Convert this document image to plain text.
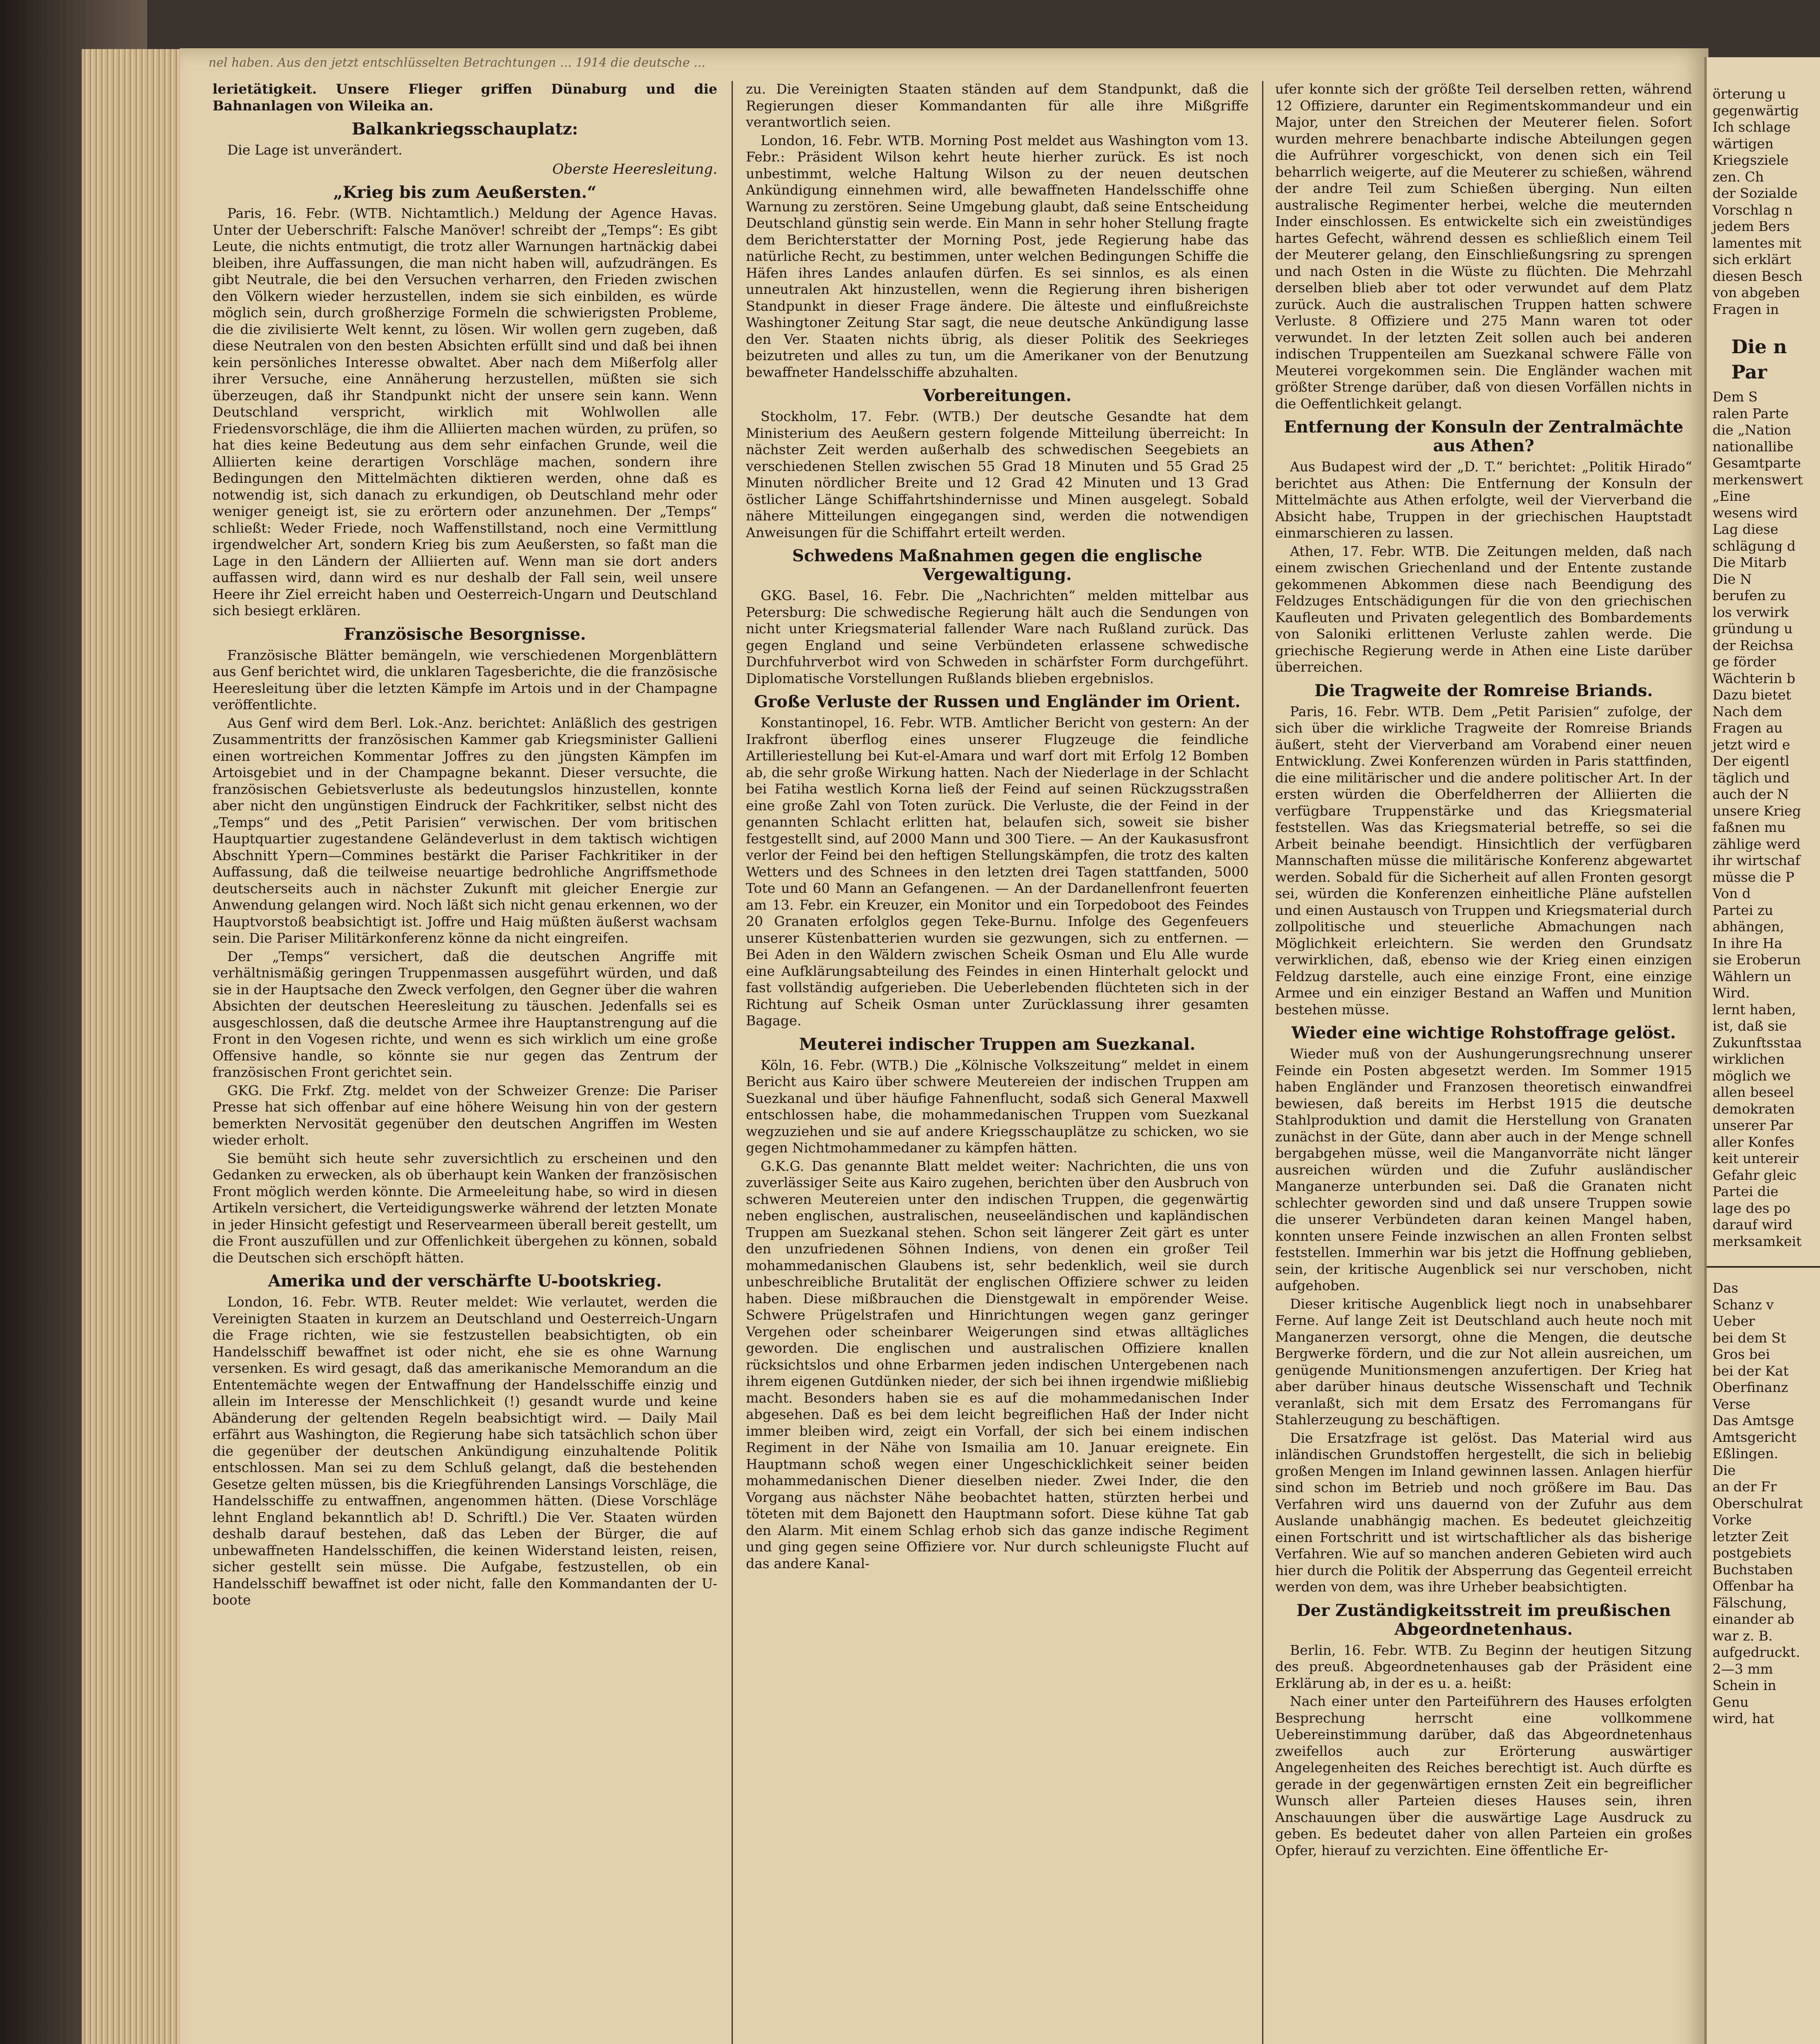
nel haben. Aus den jetzt entschlüsselten Betrachtungen ... 1914 die deutsche ...

lerietätigkeit. Unsere Flieger griffen Dünaburg und die Bahnanlagen von Wileika an.

Balkankriegsschauplatz:

Die Lage ist unverändert.

Oberste Heeresleitung.
„Krieg bis zum Aeußersten.“

Paris, 16. Febr. (WTB. Nichtamtlich.) Meldung der Agence Havas. Unter der Ueberschrift: Falsche Manöver! schreibt der „Temps“: Es gibt Leute, die nichts entmutigt, die trotz aller Warnungen hartnäckig dabei bleiben, ihre Auffassungen, die man nicht haben will, aufzudrängen. Es gibt Neutrale, die bei den Versuchen verharren, den Frieden zwischen den Völkern wieder herzustellen, indem sie sich einbilden, es würde möglich sein, durch großherzige Formeln die schwierigsten Probleme, die die zivilisierte Welt kennt, zu lösen. Wir wollen gern zugeben, daß diese Neutralen von den besten Absichten erfüllt sind und daß bei ihnen kein persönliches Interesse obwaltet. Aber nach dem Mißerfolg aller ihrer Versuche, eine Annäherung herzustellen, müßten sie sich überzeugen, daß ihr Standpunkt nicht der unsere sein kann. Wenn Deutschland verspricht, wirklich mit Wohlwollen alle Friedensvorschläge, die ihm die Alliierten machen würden, zu prüfen, so hat dies keine Bedeutung aus dem sehr einfachen Grunde, weil die Alliierten keine derartigen Vorschläge machen, sondern ihre Bedingungen den Mittelmächten diktieren werden, ohne daß es notwendig ist, sich danach zu erkundigen, ob Deutschland mehr oder weniger geneigt ist, sie zu erörtern oder anzunehmen. Der „Temps“ schließt: Weder Friede, noch Waffenstillstand, noch eine Vermittlung irgendwelcher Art, sondern Krieg bis zum Aeußersten, so faßt man die Lage in den Ländern der Alliierten auf. Wenn man sie dort anders auffassen wird, dann wird es nur deshalb der Fall sein, weil unsere Heere ihr Ziel erreicht haben und Oesterreich-Ungarn und Deutschland sich besiegt erklären.

Französische Besorgnisse.

Französische Blätter bemängeln, wie verschiedenen Morgenblättern aus Genf berichtet wird, die unklaren Tagesberichte, die die französische Heeresleitung über die letzten Kämpfe im Artois und in der Champagne veröffentlichte.

Aus Genf wird dem Berl. Lok.-Anz. berichtet: Anläßlich des gestrigen Zusammentritts der französischen Kammer gab Kriegsminister Gallieni einen wortreichen Kommentar Joffres zu den jüngsten Kämpfen im Artoisgebiet und in der Champagne bekannt. Dieser versuchte, die französischen Gebietsverluste als bedeutungslos hinzustellen, konnte aber nicht den ungünstigen Eindruck der Fachkritiker, selbst nicht des „Temps“ und des „Petit Parisien“ verwischen. Der vom britischen Hauptquartier zugestandene Geländeverlust in dem taktisch wichtigen Abschnitt Ypern—Commines bestärkt die Pariser Fachkritiker in der Auffassung, daß die teilweise neuartige bedrohliche Angriffsmethode deutscherseits auch in nächster Zukunft mit gleicher Energie zur Anwendung gelangen wird. Noch läßt sich nicht genau erkennen, wo der Hauptvorstoß beabsichtigt ist. Joffre und Haig müßten äußerst wachsam sein. Die Pariser Militärkonferenz könne da nicht eingreifen.

Der „Temps“ versichert, daß die deutschen Angriffe mit verhältnismäßig geringen Truppenmassen ausgeführt würden, und daß sie in der Hauptsache den Zweck verfolgen, den Gegner über die wahren Absichten der deutschen Heeresleitung zu täuschen. Jedenfalls sei es ausgeschlossen, daß die deutsche Armee ihre Hauptanstrengung auf die Front in den Vogesen richte, und wenn es sich wirklich um eine große Offensive handle, so könnte sie nur gegen das Zentrum der französischen Front gerichtet sein.

GKG. Die Frkf. Ztg. meldet von der Schweizer Grenze: Die Pariser Presse hat sich offenbar auf eine höhere Weisung hin von der gestern bemerkten Nervosität gegenüber den deutschen Angriffen im Westen wieder erholt.

Sie bemüht sich heute sehr zuversichtlich zu erscheinen und den Gedanken zu erwecken, als ob überhaupt kein Wanken der französischen Front möglich werden könnte. Die Armeeleitung habe, so wird in diesen Artikeln versichert, die Verteidigungswerke während der letzten Monate in jeder Hinsicht gefestigt und Reservearmeen überall bereit gestellt, um die Front auszufüllen und zur Offenlichkeit übergehen zu können, sobald die Deutschen sich erschöpft hätten.

Amerika und der verschärfte U-bootskrieg.

London, 16. Febr. WTB. Reuter meldet: Wie verlautet, werden die Vereinigten Staaten in kurzem an Deutschland und Oesterreich-Ungarn die Frage richten, wie sie festzustellen beabsichtigten, ob ein Handelsschiff bewaffnet ist oder nicht, ehe sie es ohne Warnung versenken. Es wird gesagt, daß das amerikanische Memorandum an die Ententemächte wegen der Entwaffnung der Handelsschiffe einzig und allein im Interesse der Menschlichkeit (!) gesandt wurde und keine Abänderung der geltenden Regeln beabsichtigt wird. — Daily Mail erfährt aus Washington, die Regierung habe sich tatsächlich schon über die gegenüber der deutschen Ankündigung einzuhaltende Politik entschlossen. Man sei zu dem Schluß gelangt, daß die bestehenden Gesetze gelten müssen, bis die Kriegführenden Lansings Vorschläge, die Handelsschiffe zu entwaffnen, angenommen hätten. (Diese Vorschläge lehnt England bekanntlich ab! D. Schriftl.) Die Ver. Staaten würden deshalb darauf bestehen, daß das Leben der Bürger, die auf unbewaffneten Handelsschiffen, die keinen Widerstand leisten, reisen, sicher gestellt sein müsse. Die Aufgabe, festzustellen, ob ein Handelsschiff bewaffnet ist oder nicht, falle den Kommandanten der U-boote

zu. Die Vereinigten Staaten ständen auf dem Standpunkt, daß die Regierungen dieser Kommandanten für alle ihre Mißgriffe verantwortlich seien.

London, 16. Febr. WTB. Morning Post meldet aus Washington vom 13. Febr.: Präsident Wilson kehrt heute hierher zurück. Es ist noch unbestimmt, welche Haltung Wilson zu der neuen deutschen Ankündigung einnehmen wird, alle bewaffneten Handelsschiffe ohne Warnung zu zerstören. Seine Umgebung glaubt, daß seine Entscheidung Deutschland günstig sein werde. Ein Mann in sehr hoher Stellung fragte dem Berichterstatter der Morning Post, jede Regierung habe das natürliche Recht, zu bestimmen, unter welchen Bedingungen Schiffe die Häfen ihres Landes anlaufen dürfen. Es sei sinnlos, es als einen unneutralen Akt hinzustellen, wenn die Regierung ihren bisherigen Standpunkt in dieser Frage ändere. Die älteste und einflußreichste Washingtoner Zeitung Star sagt, die neue deutsche Ankündigung lasse den Ver. Staaten nichts übrig, als dieser Politik des Seekrieges beizutreten und alles zu tun, um die Amerikaner von der Benutzung bewaffneter Handelsschiffe abzuhalten.

Vorbereitungen.

Stockholm, 17. Febr. (WTB.) Der deutsche Gesandte hat dem Ministerium des Aeußern gestern folgende Mitteilung überreicht: In nächster Zeit werden außerhalb des schwedischen Seegebiets an verschiedenen Stellen zwischen 55 Grad 18 Minuten und 55 Grad 25 Minuten nördlicher Breite und 12 Grad 42 Minuten und 13 Grad östlicher Länge Schiffahrtshindernisse und Minen ausgelegt. Sobald nähere Mitteilungen eingegangen sind, werden die notwendigen Anweisungen für die Schiffahrt erteilt werden.

Schwedens Maßnahmen gegen die englische Vergewaltigung.

GKG. Basel, 16. Febr. Die „Nachrichten“ melden mittelbar aus Petersburg: Die schwedische Regierung hält auch die Sendungen von nicht unter Kriegsmaterial fallender Ware nach Rußland zurück. Das gegen England und seine Verbündeten erlassene schwedische Durchfuhrverbot wird von Schweden in schärfster Form durchgeführt. Diplomatische Vorstellungen Rußlands blieben ergebnislos.

Große Verluste der Russen und Engländer im Orient.

Konstantinopel, 16. Febr. WTB. Amtlicher Bericht von gestern: An der Irakfront überflog eines unserer Flugzeuge die feindliche Artilleriestellung bei Kut-el-Amara und warf dort mit Erfolg 12 Bomben ab, die sehr große Wirkung hatten. Nach der Niederlage in der Schlacht bei Fatiha westlich Korna ließ der Feind auf seinen Rückzugsstraßen eine große Zahl von Toten zurück. Die Verluste, die der Feind in der genannten Schlacht erlitten hat, belaufen sich, soweit sie bisher festgestellt sind, auf 2000 Mann und 300 Tiere. — An der Kaukasusfront verlor der Feind bei den heftigen Stellungskämpfen, die trotz des kalten Wetters und des Schnees in den letzten drei Tagen stattfanden, 5000 Tote und 60 Mann an Gefangenen. — An der Dardanellenfront feuerten am 13. Febr. ein Kreuzer, ein Monitor und ein Torpedoboot des Feindes 20 Granaten erfolglos gegen Teke-Burnu. Infolge des Gegenfeuers unserer Küstenbatterien wurden sie gezwungen, sich zu entfernen. — Bei Aden in den Wäldern zwischen Scheik Osman und Elu Alle wurde eine Aufklärungsabteilung des Feindes in einen Hinterhalt gelockt und fast vollständig aufgerieben. Die Ueberlebenden flüchteten sich in der Richtung auf Scheik Osman unter Zurücklassung ihrer gesamten Bagage.

Meuterei indischer Truppen am Suezkanal.

Köln, 16. Febr. (WTB.) Die „Kölnische Volkszeitung“ meldet in einem Bericht aus Kairo über schwere Meutereien der indischen Truppen am Suezkanal und über häufige Fahnenflucht, sodaß sich General Maxwell entschlossen habe, die mohammedanischen Truppen vom Suezkanal wegzuziehen und sie auf andere Kriegsschauplätze zu schicken, wo sie gegen Nichtmohammedaner zu kämpfen hätten.

G.K.G. Das genannte Blatt meldet weiter: Nachrichten, die uns von zuverlässiger Seite aus Kairo zugehen, berichten über den Ausbruch von schweren Meutereien unter den indischen Truppen, die gegenwärtig neben englischen, australischen, neuseeländischen und kapländischen Truppen am Suezkanal stehen. Schon seit längerer Zeit gärt es unter den unzufriedenen Söhnen Indiens, von denen ein großer Teil mohammedanischen Glaubens ist, sehr bedenklich, weil sie durch unbeschreibliche Brutalität der englischen Offiziere schwer zu leiden haben. Diese mißbrauchen die Dienstgewalt in empörender Weise. Schwere Prügelstrafen und Hinrichtungen wegen ganz geringer Vergehen oder scheinbarer Weigerungen sind etwas alltägliches geworden. Die englischen und australischen Offiziere knallen rücksichtslos und ohne Erbarmen jeden indischen Untergebenen nach ihrem eigenen Gutdünken nieder, der sich bei ihnen irgendwie mißliebig macht. Besonders haben sie es auf die mohammedanischen Inder abgesehen. Daß es bei dem leicht begreiflichen Haß der Inder nicht immer bleiben wird, zeigt ein Vorfall, der sich bei einem indischen Regiment in der Nähe von Ismailia am 10. Januar ereignete. Ein Hauptmann schoß wegen einer Ungeschicklichkeit seiner beiden mohammedanischen Diener dieselben nieder. Zwei Inder, die den Vorgang aus nächster Nähe beobachtet hatten, stürzten herbei und töteten mit dem Bajonett den Hauptmann sofort. Diese kühne Tat gab den Alarm. Mit einem Schlag erhob sich das ganze indische Regiment und ging gegen seine Offiziere vor. Nur durch schleunigste Flucht auf das andere Kanal-

ufer konnte sich der größte Teil derselben retten, während 12 Offiziere, darunter ein Regimentskommandeur und ein Major, unter den Streichen der Meuterer fielen. Sofort wurden mehrere benachbarte indische Abteilungen gegen die Aufrührer vorgeschickt, von denen sich ein Teil beharrlich weigerte, auf die Meuterer zu schießen, während der andre Teil zum Schießen überging. Nun eilten australische Regimenter herbei, welche die meuternden Inder einschlossen. Es entwickelte sich ein zweistündiges hartes Gefecht, während dessen es schließlich einem Teil der Meuterer gelang, den Einschließungsring zu sprengen und nach Osten in die Wüste zu flüchten. Die Mehrzahl derselben blieb aber tot oder verwundet auf dem Platz zurück. Auch die australischen Truppen hatten schwere Verluste. 8 Offiziere und 275 Mann waren tot oder verwundet. In der letzten Zeit sollen auch bei anderen indischen Truppenteilen am Suezkanal schwere Fälle von Meuterei vorgekommen sein. Die Engländer wachen mit größter Strenge darüber, daß von diesen Vorfällen nichts in die Oeffentlichkeit gelangt.

Entfernung der Konsuln der Zentralmächte aus Athen?

Aus Budapest wird der „D. T.“ berichtet: „Politik Hirado“ berichtet aus Athen: Die Entfernung der Konsuln der Mittelmächte aus Athen erfolgte, weil der Vierverband die Absicht habe, Truppen in der griechischen Hauptstadt einmarschieren zu lassen.

Athen, 17. Febr. WTB. Die Zeitungen melden, daß nach einem zwischen Griechenland und der Entente zustande gekommenen Abkommen diese nach Beendigung des Feldzuges Entschädigungen für die von den griechischen Kaufleuten und Privaten gelegentlich des Bombardements von Saloniki erlittenen Verluste zahlen werde. Die griechische Regierung werde in Athen eine Liste darüber überreichen.

Die Tragweite der Romreise Briands.

Paris, 16. Febr. WTB. Dem „Petit Parisien“ zufolge, der sich über die wirkliche Tragweite der Romreise Briands äußert, steht der Vierverband am Vorabend einer neuen Entwicklung. Zwei Konferenzen würden in Paris stattfinden, die eine militärischer und die andere politischer Art. In der ersten würden die Oberfeldherren der Alliierten die verfügbare Truppenstärke und das Kriegsmaterial feststellen. Was das Kriegsmaterial betreffe, so sei die Arbeit beinahe beendigt. Hinsichtlich der verfügbaren Mannschaften müsse die militärische Konferenz abgewartet werden. Sobald für die Sicherheit auf allen Fronten gesorgt sei, würden die Konferenzen einheitliche Pläne aufstellen und einen Austausch von Truppen und Kriegsmaterial durch zollpolitische und steuerliche Abmachungen nach Möglichkeit erleichtern. Sie werden den Grundsatz verwirklichen, daß, ebenso wie der Krieg einen einzigen Feldzug darstelle, auch eine einzige Front, eine einzige Armee und ein einziger Bestand an Waffen und Munition bestehen müsse.

Wieder eine wichtige Rohstoffrage gelöst.

Wieder muß von der Aushungerungsrechnung unserer Feinde ein Posten abgesetzt werden. Im Sommer 1915 haben Engländer und Franzosen theoretisch einwandfrei bewiesen, daß bereits im Herbst 1915 die deutsche Stahlproduktion und damit die Herstellung von Granaten zunächst in der Güte, dann aber auch in der Menge schnell bergabgehen müsse, weil die Manganvorräte nicht länger ausreichen würden und die Zufuhr ausländischer Manganerze unterbunden sei. Daß die Granaten nicht schlechter geworden sind und daß unsere Truppen sowie die unserer Verbündeten daran keinen Mangel haben, konnten unsere Feinde inzwischen an allen Fronten selbst feststellen. Immerhin war bis jetzt die Hoffnung geblieben, sein, der kritische Augenblick sei nur verschoben, nicht aufgehoben.

Dieser kritische Augenblick liegt noch in unabsehbarer Ferne. Auf lange Zeit ist Deutschland auch heute noch mit Manganerzen versorgt, ohne die Mengen, die deutsche Bergwerke fördern, und die zur Not allein ausreichen, um genügende Munitionsmengen anzufertigen. Der Krieg hat aber darüber hinaus deutsche Wissenschaft und Technik veranlaßt, sich mit dem Ersatz des Ferromangans für Stahlerzeugung zu beschäftigen.

Die Ersatzfrage ist gelöst. Das Material wird aus inländischen Grundstoffen hergestellt, die sich in beliebig großen Mengen im Inland gewinnen lassen. Anlagen hierfür sind schon im Betrieb und noch größere im Bau. Das Verfahren wird uns dauernd von der Zufuhr aus dem Auslande unabhängig machen. Es bedeutet gleichzeitig einen Fortschritt und ist wirtschaftlicher als das bisherige Verfahren. Wie auf so manchen anderen Gebieten wird auch hier durch die Politik der Absperrung das Gegenteil erreicht werden von dem, was ihre Urheber beabsichtigten.

Der Zuständigkeitsstreit im preußischen Abgeordnetenhaus.

Berlin, 16. Febr. WTB. Zu Beginn der heutigen Sitzung des preuß. Abgeordnetenhauses gab der Präsident eine Erklärung ab, in der es u. a. heißt:

Nach einer unter den Parteiführern des Hauses erfolgten Besprechung herrscht eine vollkommene Uebereinstimmung darüber, daß das Abgeordnetenhaus zweifellos auch zur Erörterung auswärtiger Angelegenheiten des Reiches berechtigt ist. Auch dürfte es gerade in der gegenwärtigen ernsten Zeit ein begreiflicher Wunsch aller Parteien dieses Hauses sein, ihren Anschauungen über die auswärtige Lage Ausdruck zu geben. Es bedeutet daher von allen Parteien ein großes Opfer, hierauf zu verzichten. Eine öffentliche Er-

örterung u
gegenwärtig
Ich schlage
wärtigen
Kriegsziele
zen. Ch
der Sozialde
Vorschlag n
jedem Bers
lamentes mit
sich erklärt
diesen Besch
von abgeben
Fragen in
Die n
Par
Dem S
ralen Parte
die „Nation
nationallibe
Gesamtparte
merkenswert
„Eine
wesens wird
Lag diese
schlägung d
Die Mitarb
Die N
berufen zu
los verwirk
gründung u
der Reichsa
ge förder
Wächterin b
Dazu bietet
Nach dem
Fragen au
jetzt wird e
Der eigentl
täglich und
auch der N
unsere Krieg
faßnen mu
zählige werd
ihr wirtschaf
müsse die P
Von d
Partei zu
abhängen,
In ihre Ha
sie Eroberun
Wählern un
Wird.
lernt haben,
ist, daß sie
Zukunftsstaa
wirklichen
möglich we
allen beseel
demokraten
unserer Par
aller Konfes
keit untereir
Gefahr gleic
Partei die
lage des po
darauf wird
merksamkeit
Das
Schanz v
Ueber
bei dem St
Gros bei
bei der Kat
Oberfinanz
Verse
Das Amtsge
Amtsgericht
Eßlingen.
Die
an der Fr
Oberschulrat
Vorke
letzter Zeit
postgebiets
Buchstaben
Offenbar ha
Fälschung,
einander ab
war z. B.
aufgedruckt.
2—3 mm
Schein in
Genu
wird, hat
